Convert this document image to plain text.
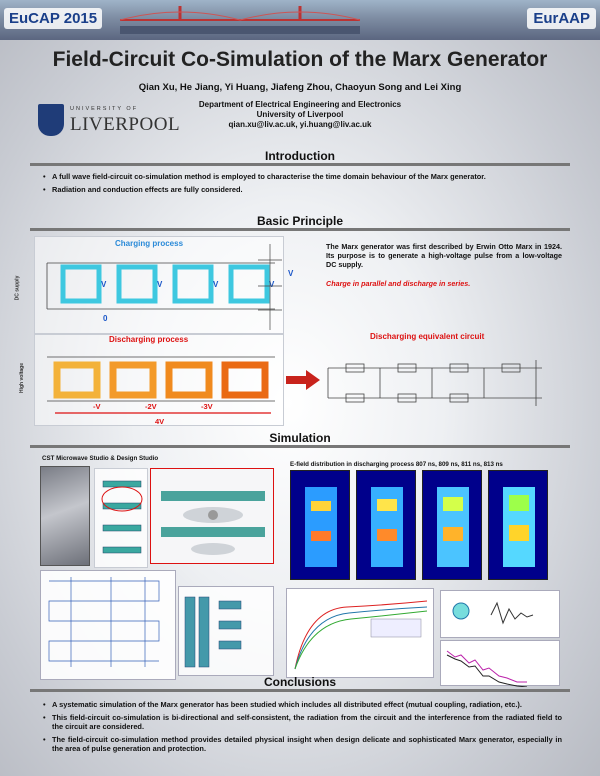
EuCAP 2015	EurAAP
Field-Circuit Co-Simulation of the Marx Generator
Qian Xu, He Jiang, Yi Huang, Jiafeng Zhou, Chaoyun Song and Lei Xing
UNIVERSITY OF
LIVERPOOL
Department of Electrical Engineering and Electronics
University of Liverpool
qian.xu@liv.ac.uk, yi.huang@liv.ac.uk
Introduction
• A full wave field-circuit co-simulation method is employed to characterise the time domain behaviour of the Marx generator.
• Radiation and conduction effects are fully considered.
Basic Principle
Charging process
DC supply	V	V	V	V
0
V
The Marx generator was first described by Erwin Otto Marx in 1924. Its purpose is to generate a high-voltage pulse from a low-voltage DC supply.
Charge in parallel and discharge in series.
Discharging process
High voltage
-V	-2V	-3V
4V
Discharging equivalent circuit
Simulation
CST Microwave Studio & Design Studio
E-field distribution in discharging process 807 ns, 809 ns, 811 ns, 813 ns
Conclusions
• A systematic simulation of the Marx generator has been studied which includes all distributed effect (mutual coupling, radiation, etc.).
• This field-circuit co-simulation is bi-directional and self-consistent, the radiation from the circuit and the interference from the radiated field to the circuit are considered.
• The field-circuit co-simulation method provides detailed physical insight when design delicate and sophisticated Marx generator, especially in the area of pulse generation and protection.
